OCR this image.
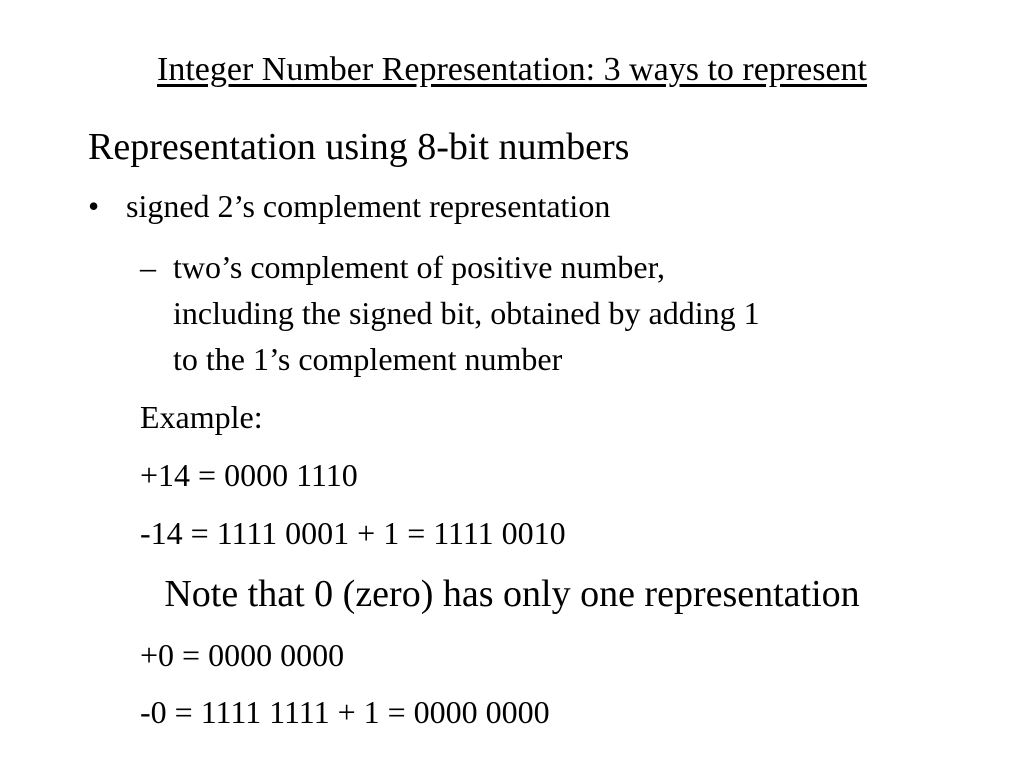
Integer Number Representation: 3 ways to represent
Representation using 8-bit numbers
• signed 2’s complement representation
– two’s complement of positive number,
including the signed bit, obtained by adding 1
to the 1’s complement number
Example:
+14 = 0000 1110
-14 = 1111 0001 + 1 = 1111 0010
Note that 0 (zero) has only one representation
+0 = 0000 0000
-0 = 1111 1111 + 1 = 0000 0000
